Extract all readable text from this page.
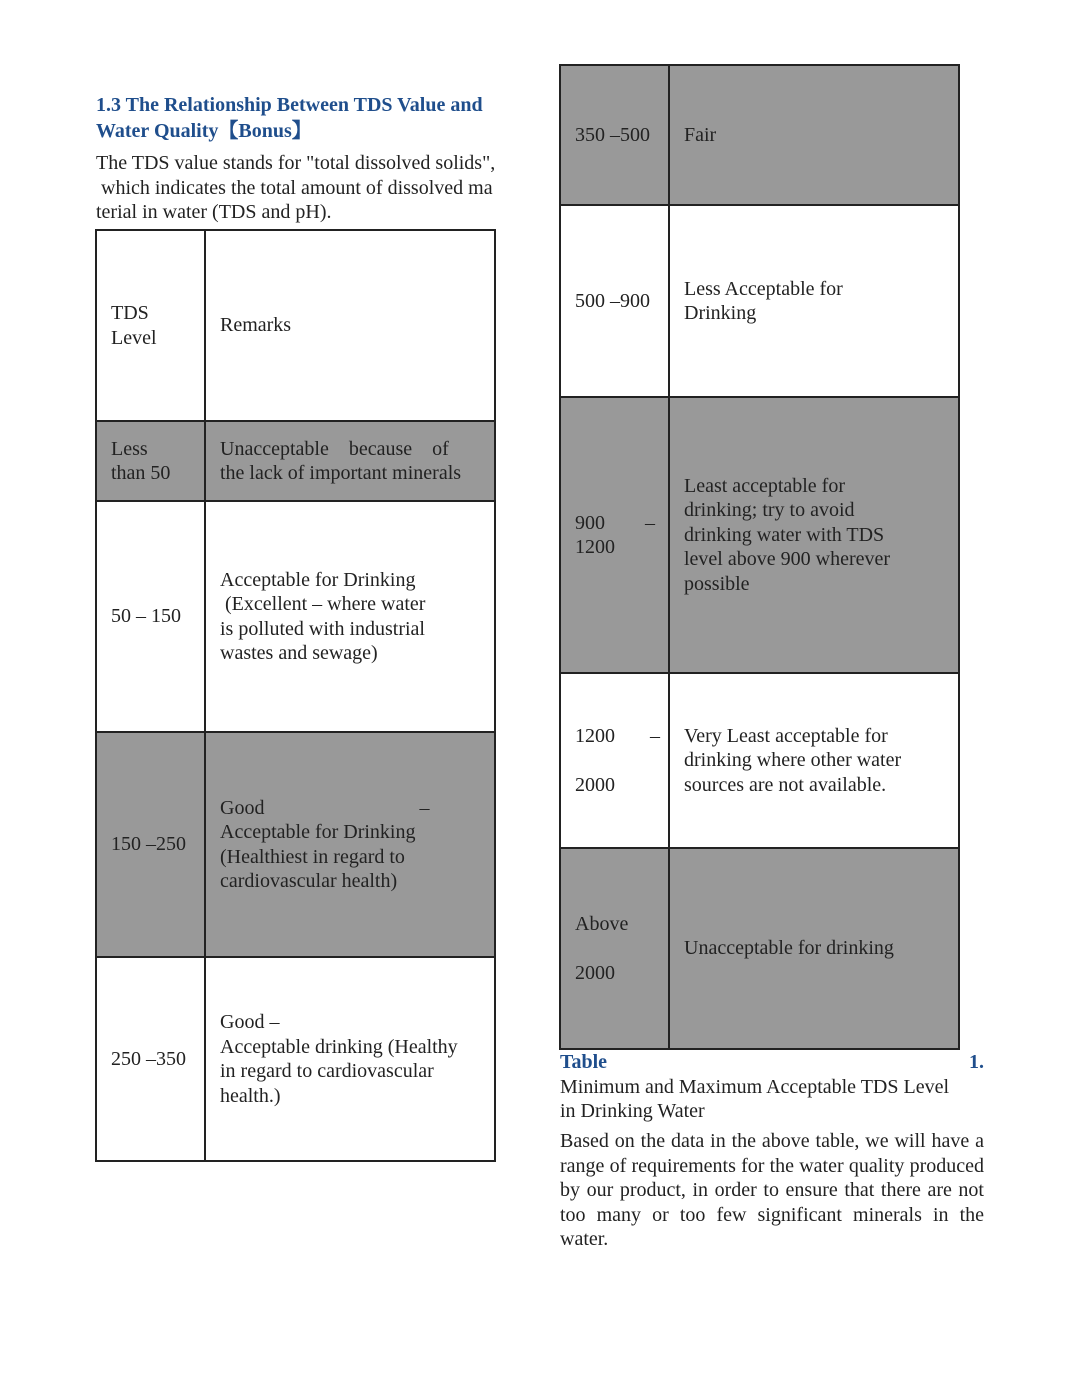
1.3 The Relationship Between TDS Value and
Water Quality【Bonus】

The TDS value stands for "total dissolved solids",
which indicates the total amount of dissolved ma
terial in water (TDS and pH).

TDS
Level	Remarks

Less
than 50	Unacceptable    because    of
the lack of important minerals

50 – 150	Acceptable for Drinking
(Excellent – where water
is polluted with industrial
wastes and sewage)

150 –250	Good                               –
Acceptable for Drinking
(Healthiest in regard to
cardiovascular health)

250 –350	Good –
Acceptable drinking (Healthy
in regard to cardiovascular
health.)
350 –500	Fair
500 –900	Less Acceptable for
Drinking

900        –
1200	Least acceptable for
drinking; try to avoid
drinking water with TDS
level above 900 wherever
possible

1200       –
2000	Very Least acceptable for
drinking where other water
sources are not available.

Above
2000	Unacceptable for drinking
Table	1.
Minimum and Maximum Acceptable TDS Level
in Drinking Water

Based on the data in the above table, we will have a range of requirements for the water quality produced by our product, in order to ensure that there are not too many or too few significant minerals in the water.
